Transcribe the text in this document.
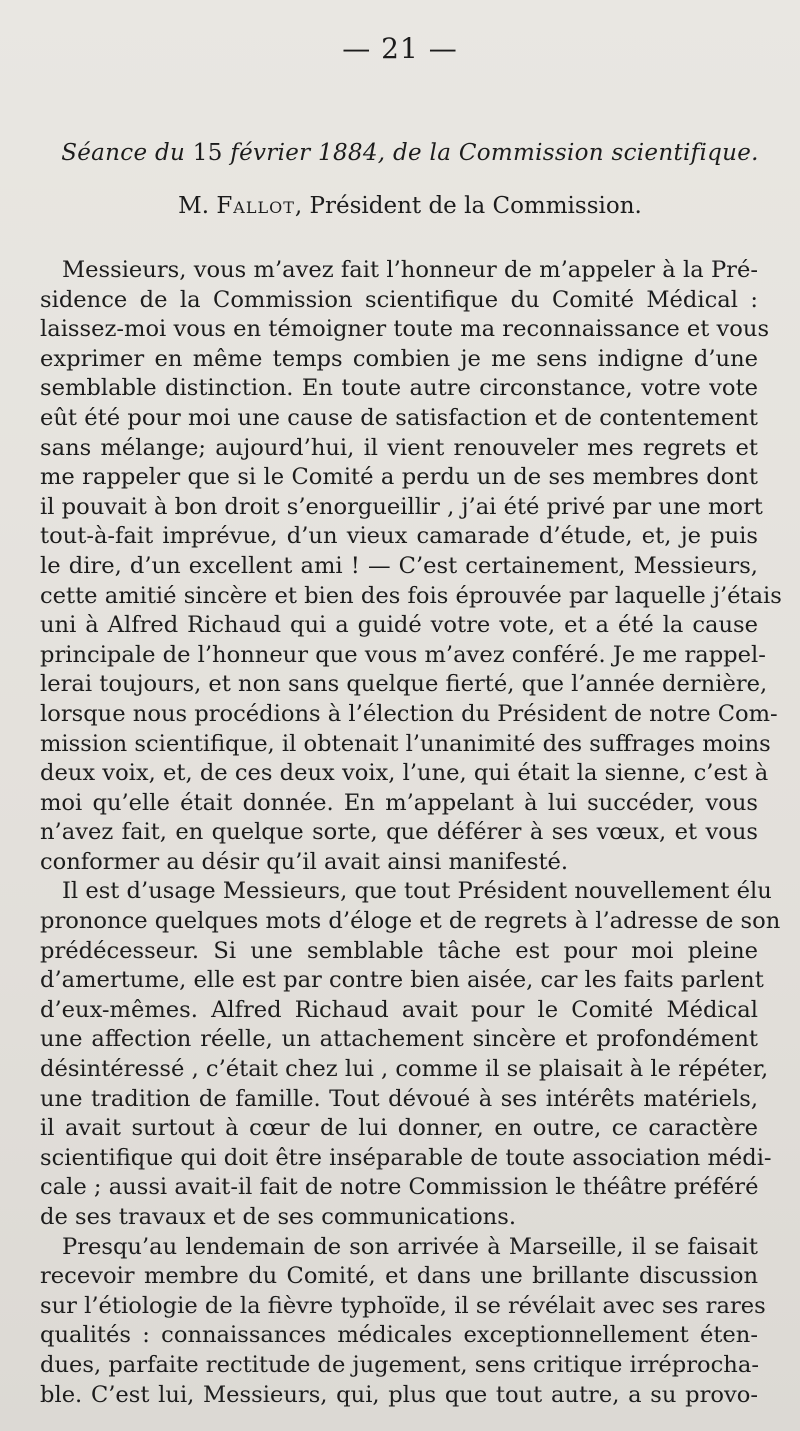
— 21 —
Séance du 15 février 1884, de la Commission scientifique.
M. Fallot, Président de la Commission.
Messieurs, vous m’avez fait l’honneur de m’appeler à la Pré-
sidence de la Commission scientifique du Comité Médical :
laissez-moi vous en témoigner toute ma reconnaissance et vous
exprimer en même temps combien je me sens indigne d’une
semblable distinction. En toute autre circonstance, votre vote
eût été pour moi une cause de satisfaction et de contentement
sans mélange; aujourd’hui, il vient renouveler mes regrets et
me rappeler que si le Comité a perdu un de ses membres dont
il pouvait à bon droit s’enorgueillir , j’ai été privé par une mort
tout-à-fait imprévue, d’un vieux camarade d’étude, et, je puis
le dire, d’un excellent ami ! — C’est certainement, Messieurs,
cette amitié sincère et bien des fois éprouvée par laquelle j’étais
uni à Alfred Richaud qui a guidé votre vote, et a été la cause
principale de l’honneur que vous m’avez conféré. Je me rappel-
lerai toujours, et non sans quelque fierté, que l’année dernière,
lorsque nous procédions à l’élection du Président de notre Com-
mission scientifique, il obtenait l’unanimité des suffrages moins
deux voix, et, de ces deux voix, l’une, qui était la sienne, c’est à
moi qu’elle était donnée. En m’appelant à lui succéder, vous
n’avez fait, en quelque sorte, que déférer à ses vœux, et vous
conformer au désir qu’il avait ainsi manifesté.
Il est d’usage Messieurs, que tout Président nouvellement élu
prononce quelques mots d’éloge et de regrets à l’adresse de son
prédécesseur. Si une semblable tâche est pour moi pleine
d’amertume, elle est par contre bien aisée, car les faits parlent
d’eux-mêmes. Alfred Richaud avait pour le Comité Médical
une affection réelle, un attachement sincère et profondément
désintéressé , c’était chez lui , comme il se plaisait à le répéter,
une tradition de famille. Tout dévoué à ses intérêts matériels,
il avait surtout à cœur de lui donner, en outre, ce caractère
scientifique qui doit être inséparable de toute association médi-
cale ; aussi avait-il fait de notre Commission le théâtre préféré
de ses travaux et de ses communications.
Presqu’au lendemain de son arrivée à Marseille, il se faisait
recevoir membre du Comité, et dans une brillante discussion
sur l’étiologie de la fièvre typhoïde, il se révélait avec ses rares
qualités : connaissances médicales exceptionnellement éten-
dues, parfaite rectitude de jugement, sens critique irréprocha-
ble. C’est lui, Messieurs, qui, plus que tout autre, a su provo-
